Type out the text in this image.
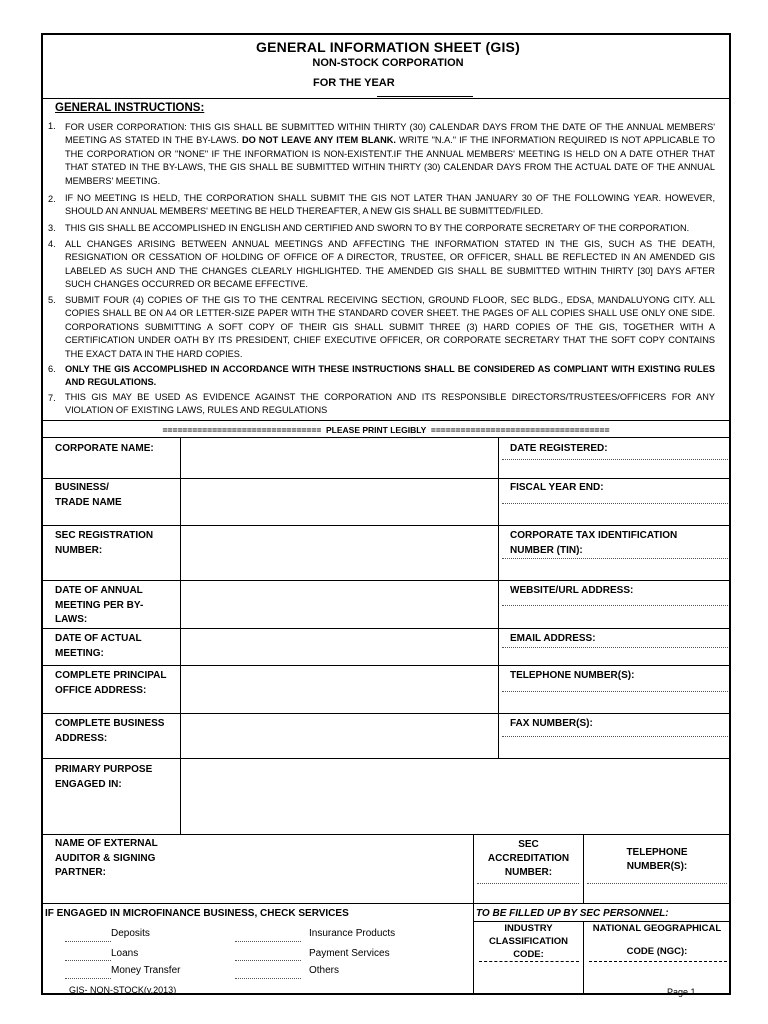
GENERAL INFORMATION SHEET (GIS)
NON-STOCK CORPORATION
FOR THE YEAR
GENERAL INSTRUCTIONS:
1. FOR USER CORPORATION: THIS GIS SHALL BE SUBMITTED WITHIN THIRTY (30) CALENDAR DAYS FROM THE DATE OF THE ANNUAL MEMBERS' MEETING AS STATED IN THE BY-LAWS. DO NOT LEAVE ANY ITEM BLANK. WRITE "N.A." IF THE INFORMATION REQUIRED IS NOT APPLICABLE TO THE CORPORATION OR "NONE" IF THE INFORMATION IS NON-EXISTENT.IF THE ANNUAL MEMBERS' MEETING IS HELD ON A DATE OTHER THAT THAT STATED IN THE BY-LAWS, THE GIS SHALL BE SUBMITTED WITHIN THIRTY (30) CALENDAR DAYS FROM THE ACTUAL DATE OF THE ANNUAL MEMBERS' MEETING.
2. IF NO MEETING IS HELD, THE CORPORATION SHALL SUBMIT THE GIS NOT LATER THAN JANUARY 30 OF THE FOLLOWING YEAR. HOWEVER, SHOULD AN ANNUAL MEMBERS' MEETING BE HELD THEREAFTER, A NEW GIS SHALL BE SUBMITTED/FILED.
3. THIS GIS SHALL BE ACCOMPLISHED IN ENGLISH AND CERTIFIED AND SWORN TO BY THE CORPORATE SECRETARY OF THE CORPORATION.
4. ALL CHANGES ARISING BETWEEN ANNUAL MEETINGS AND AFFECTING THE INFORMATION STATED IN THE GIS, SUCH AS THE DEATH, RESIGNATION OR CESSATION OF HOLDING OF OFFICE OF A DIRECTOR, TRUSTEE, OR OFFICER, SHALL BE REFLECTED IN AN AMENDED GIS LABELED AS SUCH AND THE CHANGES CLEARLY HIGHLIGHTED. THE AMENDED GIS SHALL BE SUBMITTED WITHIN THIRTY [30] DAYS AFTER SUCH CHANGES OCCURRED OR BECAME EFFECTIVE.
5. SUBMIT FOUR (4) COPIES OF THE GIS TO THE CENTRAL RECEIVING SECTION, GROUND FLOOR, SEC BLDG., EDSA, MANDALUYONG CITY. ALL COPIES SHALL BE ON A4 OR LETTER-SIZE PAPER WITH THE STANDARD COVER SHEET. THE PAGES OF ALL COPIES SHALL USE ONLY ONE SIDE. CORPORATIONS SUBMITTING A SOFT COPY OF THEIR GIS SHALL SUBMIT THREE (3) HARD COPIES OF THE GIS, TOGETHER WITH A CERTIFICATION UNDER OATH BY ITS PRESIDENT, CHIEF EXECUTIVE OFFICER, OR CORPORATE SECRETARY THAT THE SOFT COPY CONTAINS THE EXACT DATA IN THE HARD COPIES.
6. ONLY THE GIS ACCOMPLISHED IN ACCORDANCE WITH THESE INSTRUCTIONS SHALL BE CONSIDERED AS COMPLIANT WITH EXISTING RULES AND REGULATIONS.
7. THIS GIS MAY BE USED AS EVIDENCE AGAINST THE CORPORATION AND ITS RESPONSIBLE DIRECTORS/TRUSTEES/OFFICERS FOR ANY VIOLATION OF EXISTING LAWS, RULES AND REGULATIONS
================================  PLEASE PRINT LEGIBLY  ====================================
CORPORATE NAME:	DATE REGISTERED:
BUSINESS/
TRADE NAME
FISCAL YEAR END:
SEC REGISTRATION
NUMBER:
CORPORATE TAX IDENTIFICATION
NUMBER (TIN):
DATE OF ANNUAL
MEETING PER BY-
LAWS:
WEBSITE/URL ADDRESS:
DATE OF ACTUAL
MEETING:
EMAIL ADDRESS:
COMPLETE PRINCIPAL
OFFICE ADDRESS:
TELEPHONE NUMBER(S):
COMPLETE BUSINESS
ADDRESS:
FAX NUMBER(S):
PRIMARY PURPOSE
ENGAGED IN:
NAME OF EXTERNAL
AUDITOR & SIGNING
PARTNER:
SEC
ACCREDITATION
NUMBER:
TELEPHONE
NUMBER(S):
IF ENGAGED IN MICROFINANCE BUSINESS, CHECK SERVICES
Deposits
Loans
Money Transfer
Insurance Products
Payment Services
Others
TO BE FILLED UP BY SEC PERSONNEL:
INDUSTRY
CLASSIFICATION
CODE:
NATIONAL GEOGRAPHICAL
CODE (NGC):
GIS- NON-STOCK(v.2013)	Page 1
